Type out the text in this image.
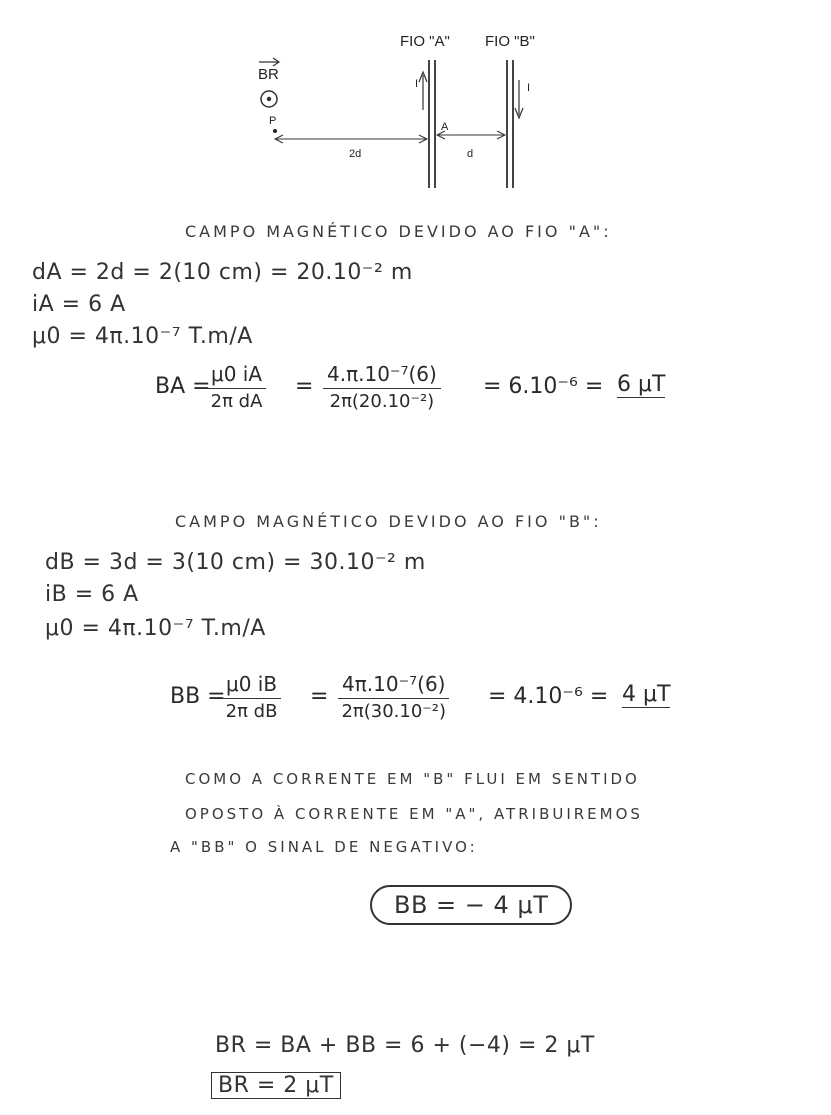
FIO "A" FIO "B"
BR
I	I
P	A
2d	d
CAMPO MAGNÉTICO DEVIDO AO FIO "A":
dA = 2d = 2(10 cm) = 20.10⁻² m
iA = 6 A
μ0 = 4π.10⁻⁷ T.m/A
BA =
$\frac{\mu 0 iA}{\text{2π dA}} = \frac{\text{4.π.10⁻⁷(6)}}{\text{2π(20.10⁻²)}} = 6.10^{-6} = 6$ μT
CAMPO MAGNÉTICO DEVIDO AO FIO "B":
dB = 3d = 3(10 cm) = 30.10⁻² m
iB = 6 A
μ0 = 4π.10⁻⁷ T.m/A
BB =
$\frac{\mu 0 iB}{\text{2π dB}} = \frac{\text{4π.10⁻⁷(6)}}{\text{2π(30.10⁻²)}} = 4.10^{-6} = 4$ μT
COMO A CORRENTE EM "B" FLUI EM SENTIDO
OPOSTO À CORRENTE EM "A", ATRIBUIREMOS
A "BB" O SINAL DE NEGATIVO:
BB = − 4 μT
BR = BA + BB = 6 + (−4) = 2 μT
BR = 2 μT
